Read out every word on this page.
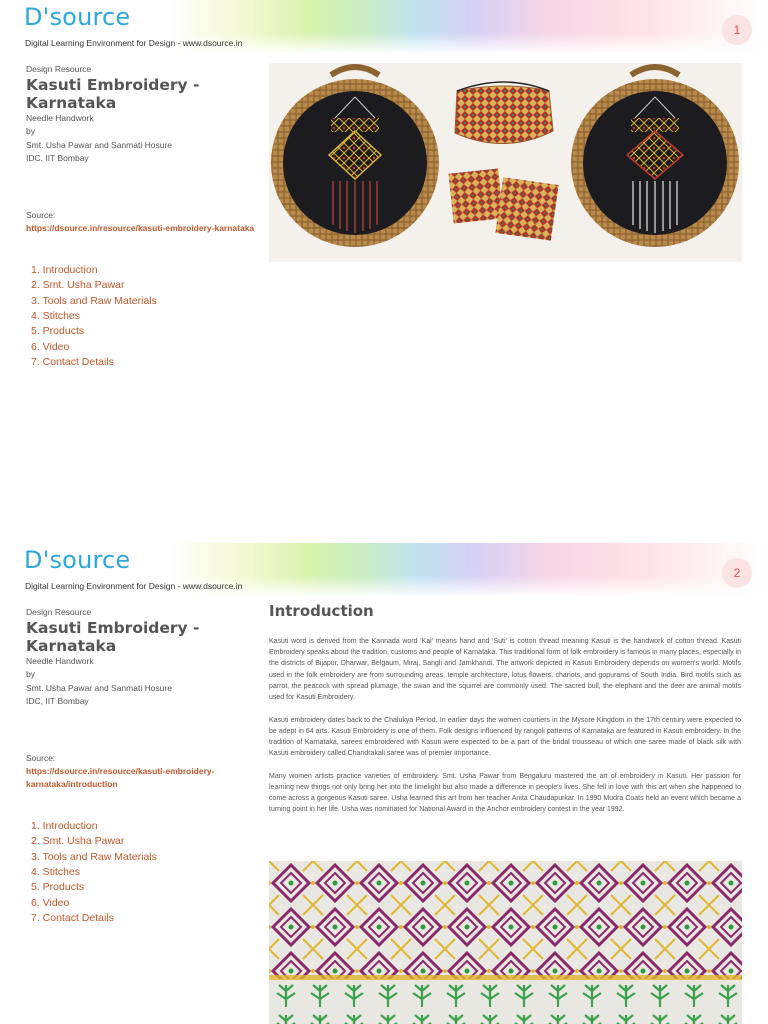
D'source
Digital Learning Environment for Design - www.dsource.in
1
Design Resource
Kasuti Embroidery -
Karnataka
Needle Handwork
by
Smt. Usha Pawar and Sanmati Hosure
IDC, IIT Bombay
Source:
https://dsource.in/resource/kasuti-embroidery-karnataka
1. Introduction
2. Smt. Usha Pawar
3. Tools and Raw Materials
4. Stitches
5. Products
6. Video
7. Contact Details
D'source
Digital Learning Environment for Design - www.dsource.in
2
Design Resource
Kasuti Embroidery -
Karnataka
Needle Handwork
by
Smt. Usha Pawar and Sanmati Hosure
IDC, IIT Bombay
Source:
https://dsource.in/resource/kasuti-embroidery-karnataka/introduction
1. Introduction
2. Smt. Usha Pawar
3. Tools and Raw Materials
4. Stitches
5. Products
6. Video
7. Contact Details
Introduction

Kasuti word is derived from the Kannada word 'Kai' means hand and 'Suti' is cotton thread meaning Kasuti is the handwork of cotton thread. Kasuti Embroidery speaks about the tradition, customs and people of Karnataka. This traditional form of folk embroidery is famous in many places, especially in the districts of Bijapur, Dharwar, Belgaum, Miraj, Sangli and Jamkhandi. The artwork depicted in Kasuti Embroidery depends on women's world. Motifs used in the folk embroidery are from surrounding areas, temple architecture, lotus flowers, chariots, and gopurams of South India. Bird motifs such as parrot, the peacock with spread plumage, the swan and the squirrel are commonly used. The sacred bull, the elephant and the deer are animal motifs used for Kasuti Embroidery.

Kasuti embroidery dates back to the Chalukya Period. In earlier days the women courtiers in the Mysore Kingdom in the 17th century were expected to be adept in 64 arts. Kasuti Embroidery is one of them. Folk designs influenced by rangoli patterns of Karnataka are featured in Kasuti embroidery. In the tradition of Karnataka, sarees embroidered with Kasuti were expected to be a part of the bridal trousseau of which one saree made of black silk with Kasuti embroidery called Chandrakali saree was of premier importance.

Many women artists practice varieties of embroidery. Smt. Usha Pawar from Bengaluru mastered the art of embroidery in Kasuti. Her passion for learning new things not only bring her into the limelight but also made a difference in people's lives. She fell in love with this art when she happened to come across a gorgeous Kasuti saree. Usha learned this art from her teacher Anita Chaudapurkar. In 1990 Mudra Coats held an event which became a turning point in her life. Usha was nominated for National Award in the Anchor embroidery contest in the year 1992.
